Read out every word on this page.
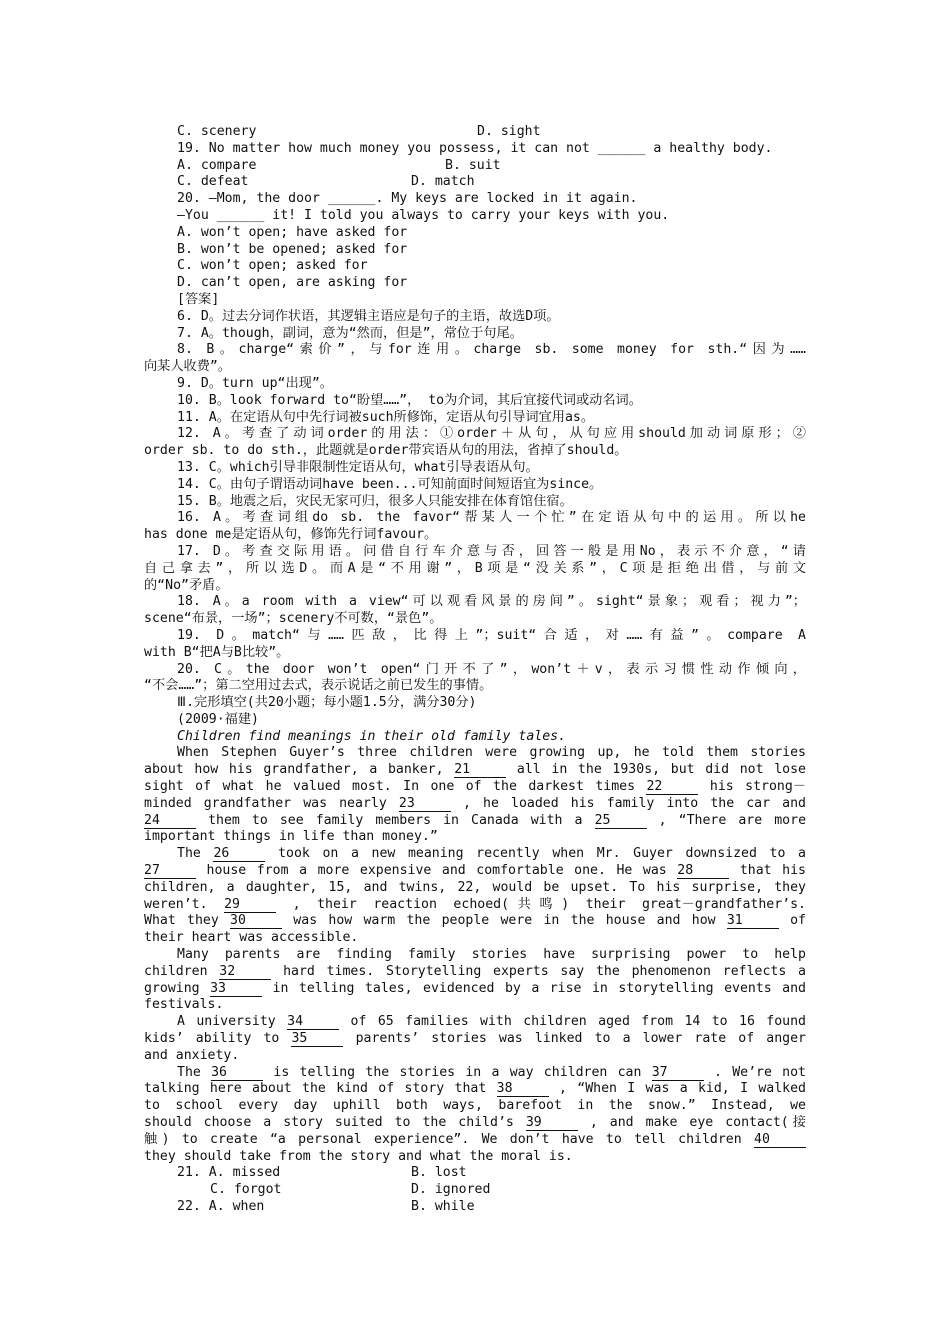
C. scenery	D. sight
19. No matter how much money you possess, it can not ______ a healthy body.
A. compare	B. suit
C. defeat	D. match
20. —Mom, the door ______. My keys are locked in it again.
—You ______ it! I told you always to carry your keys with you.
A. won’t open; have asked for
B. won’t be opened; asked for
C. won’t open; asked for
D. can’t open, are asking for
[答案]
6. D。过去分词作状语，其逻辑主语应是句子的主语，故选D项。
7. A。though，副词，意为“然而，但是”，常位于句尾。
8. B。charge“索价”，与for连用。charge sb. some money for sth.“因为……
向某人收费”。
9. D。turn up“出现”。
10. B。look forward to“盼望……”， to为介词，其后宜接代词或动名词。
11. A。在定语从句中先行词被such所修饰，定语从句引导词宜用as。
12. A。考查了动词order的用法：①order＋从句，从句应用should加动词原形；②
order sb. to do sth.，此题就是order带宾语从句的用法，省掉了should。
13. C。which引导非限制性定语从句，what引导表语从句。
14. C。由句子谓语动词have been...可知前面时间短语宜为since。
15. B。地震之后，灾民无家可归，很多人只能安排在体育馆住宿。
16. A。考查词组do sb. the favor“帮某人一个忙”在定语从句中的运用。所以he
has done me是定语从句，修饰先行词favour。
17. D。考查交际用语。问借自行车介意与否，回答一般是用No，表示不介意，“请
自己拿去”，所以选D。而A是“不用谢”，B项是“没关系”，C项是拒绝出借，与前文
的“No”矛盾。
18. A。a room with a view“可以观看风景的房间”。sight“景象；观看；视力”；
scene“布景，一场”；scenery不可数，“景色”。
19. D。match“与……匹敌，比得上”；suit“合适，对……有益”。compare A
with B“把A与B比较”。
20. C。the door won’t open“门开不了”，won’t＋v，表示习惯性动作倾向，
“不会……”；第二空用过去式，表示说话之前已发生的事情。
Ⅲ.完形填空(共20小题；每小题1.5分，满分30分)
(2009·福建)
Children find meanings in their old family tales.
When Stephen Guyer’s three children were growing up, he told them stories
about how his grandfather, a banker, 21	all in the 1930s, but did not lose
sight of what he valued most. In one of the darkest times 22	his strong－
minded grandfather was nearly 23	, he loaded his family into the car and
24	them to see family members in Canada with a 25	, “There are more
important things in life than money.”
The 26	took on a new meaning recently when Mr. Guyer downsized to a
27	house from a more expensive and comfortable one. He was 28	that his
children, a daughter, 15, and twins, 22, would be upset. To his surprise, they
weren’t. 29	, their reaction echoed(共鸣) their great－grandfather’s.
What they 30	was how warm the people were in the house and how 31	of
their heart was accessible.
Many parents are finding family stories have surprising power to help
children 32	hard times. Storytelling experts say the phenomenon reflects a
growing 33	in telling tales, evidenced by a rise in storytelling events and
festivals.
A university 34	of 65 families with children aged from 14 to 16 found
kids’ ability to 35	parents’ stories was linked to a lower rate of anger
and anxiety.
The 36	is telling the stories in a way children can 37	. We’re not
talking here about the kind of story that 38	, “When I was a kid, I walked
to school every day uphill both ways, barefoot in the snow.” Instead, we
should choose a story suited to the child’s 39	, and make eye contact(接
触) to create “a personal experience”. We don’t have to tell children 40
they should take from the story and what the moral is.
21. A. missed	B. lost
C. forgot	D. ignored
22. A. when	B. while
